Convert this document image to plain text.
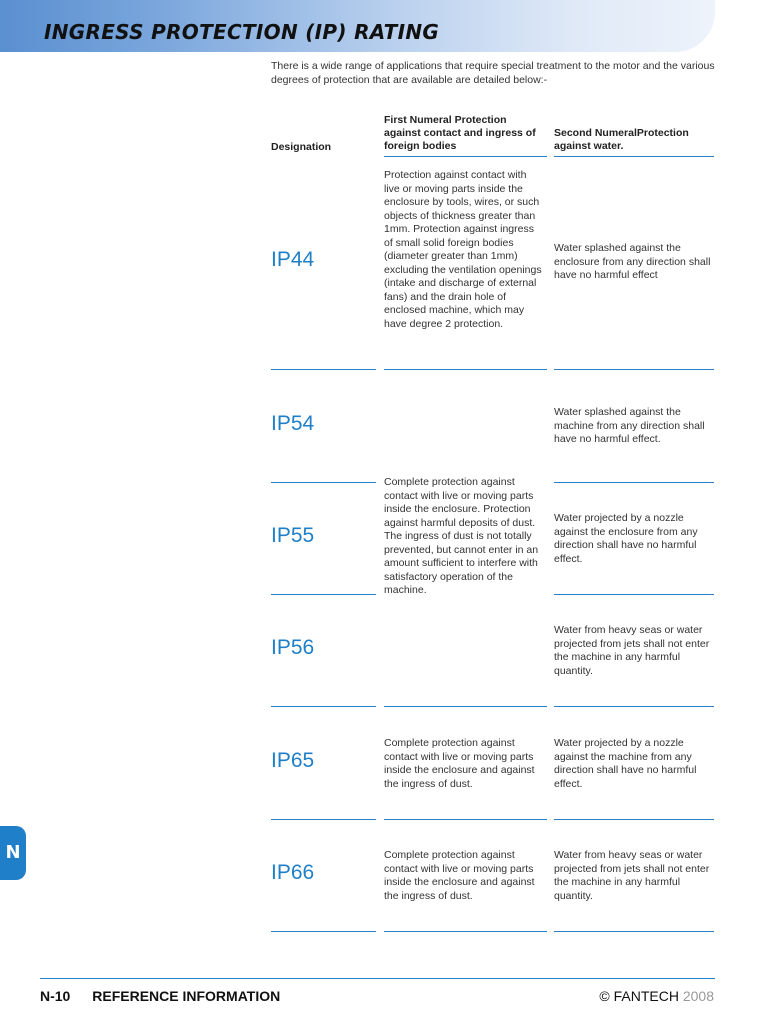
INGRESS PROTECTION (IP) RATING

There is a wide range of applications that require special treatment to the motor and the various degrees of protection that are available are detailed below:-

Designation
First Numeral Protection against contact and ingress of foreign bodies
Second NumeralProtection against water.
IP44
Protection against contact with live or moving parts inside the enclosure by tools, wires, or such objects of thickness greater than 1mm. Protection against ingress of small solid foreign bodies (diameter greater than 1mm) excluding the ventilation openings (intake and discharge of external fans) and the drain hole of enclosed machine, which may have degree 2 protection.
Water splashed against the enclosure from any direction shall have no harmful effect
IP54	Water splashed against the machine from any direction shall have no harmful effect.
IP55
Complete protection against contact with live or moving parts inside the enclosure. Protection against harmful deposits of dust. The ingress of dust is not totally prevented, but cannot enter in an amount sufficient to interfere with satisfactory operation of the machine.
Water projected by a nozzle against the enclosure from any direction shall have no harmful effect.
IP56
Water from heavy seas or water projected from jets shall not enter the machine in any harmful quantity.
IP65
Complete protection against contact with live or moving parts inside the enclosure and against the ingress of dust.
Water projected by a nozzle against the machine from any direction shall have no harmful effect.
IP66
Complete protection against contact with live or moving parts inside the enclosure and against the ingress of dust.
Water from heavy seas or water projected from jets shall not enter the machine in any harmful quantity.
N
N-10 REFERENCE INFORMATION	© FANTECH 2008
